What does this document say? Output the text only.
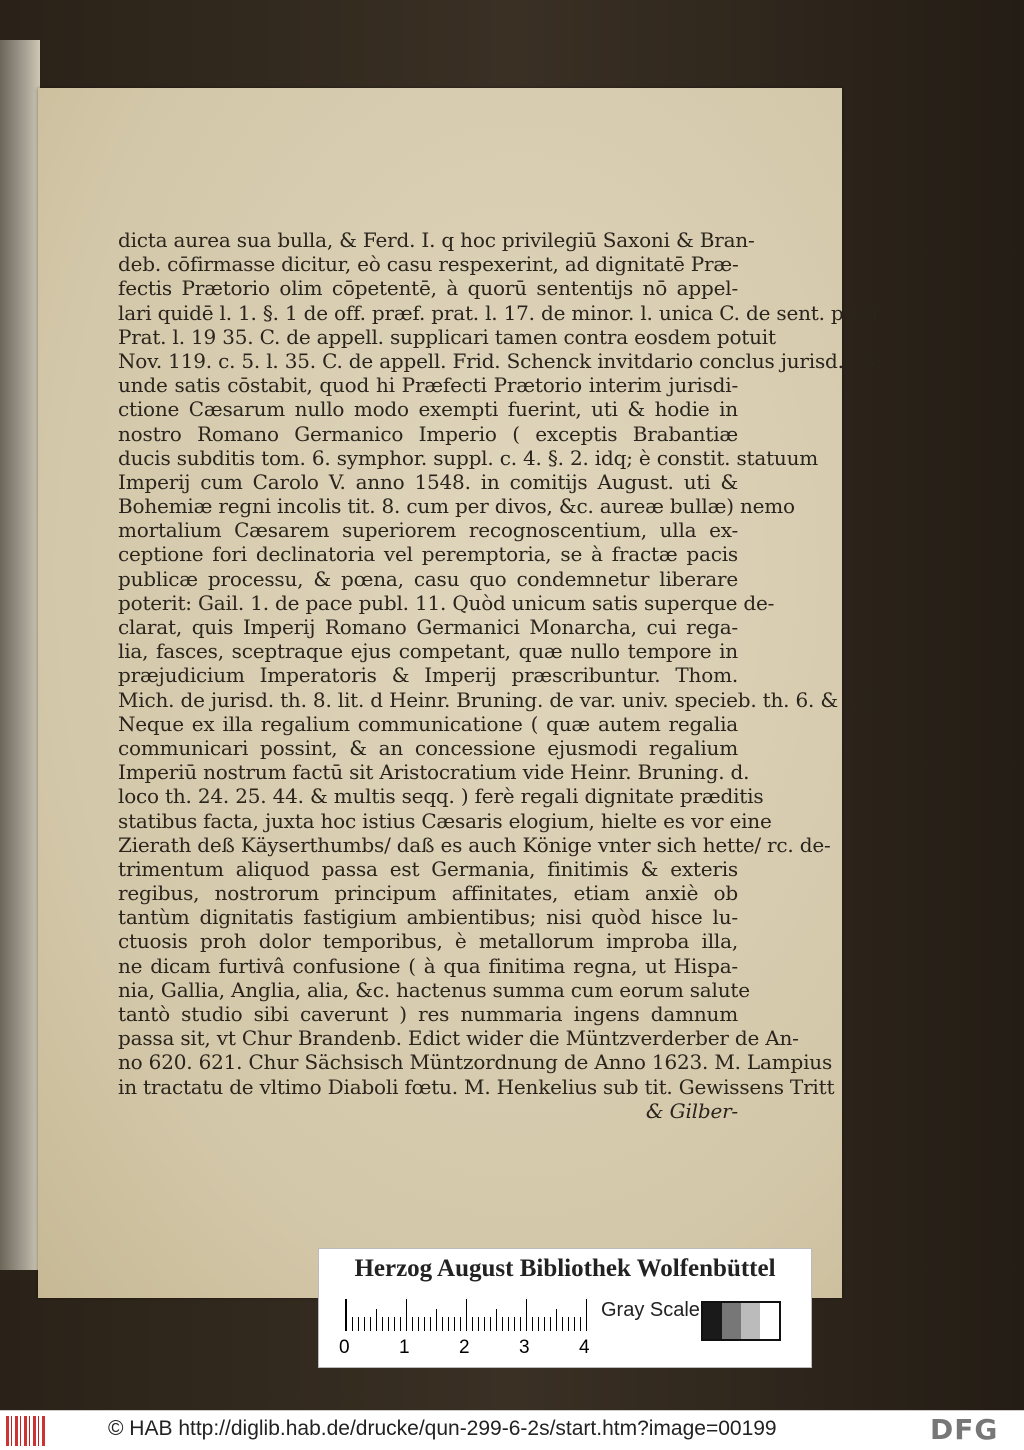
dicta aurea sua bulla, & Ferd. I. q hoc privilegiū Saxoni & Bran-
deb. cōfirmasse dicitur, eò casu respexerint, ad dignitatē Præ-
fectis Prætorio olim cōpetentē, à quorū sententijs nō appel-
lari quidē l. 1. §. 1 de off. præf. prat. l. 17. de minor. l. unica C. de sent. præf.
Prat. l. 19 35. C. de appell. supplicari tamen contra eosdem potuit
Nov. 119. c. 5. l. 35. C. de appell. Frid. Schenck invitdario conclus jurisd. 15.
unde satis cōstabit, quod hi Præfecti Prætorio interim jurisdi-
ctione Cæsarum nullo modo exempti fuerint, uti & hodie in
nostro Romano Germanico Imperio ( exceptis Brabantiæ
ducis subditis tom. 6. symphor. suppl. c. 4. §. 2. idq; è constit. statuum
Imperij cum Carolo V. anno 1548. in comitijs August. uti &
Bohemiæ regni incolis tit. 8. cum per divos, &c. aureæ bullæ) nemo
mortalium Cæsarem superiorem recognoscentium, ulla ex-
ceptione fori declinatoria vel peremptoria, se à fractæ pacis
publicæ processu, & pœna, casu quo condemnetur liberare
poterit: Gail. 1. de pace publ. 11. Quòd unicum satis superque de-
clarat, quis Imperij Romano Germanici Monarcha, cui rega-
lia, fasces, sceptraque ejus competant, quæ nullo tempore in
præjudicium Imperatoris & Imperij præscribuntur. Thom.
Mich. de jurisd. th. 8. lit. d Heinr. Bruning. de var. univ. specieb. th. 6. & 25.
Neque ex illa regalium communicatione ( quæ autem regalia
communicari possint, & an concessione ejusmodi regalium
Imperiū nostrum factū sit Aristocratium vide Heinr. Bruning. d.
loco th. 24. 25. 44. & multis seqq. ) ferè regali dignitate præditis
statibus facta, juxta hoc istius Cæsaris elogium, hielte es vor eine
Zierath deß Käyserthumbs/ daß es auch Könige vnter sich hette/ rc. de-
trimentum aliquod passa est Germania, finitimis & exteris
regibus, nostrorum principum affinitates, etiam anxiè ob
tantùm dignitatis fastigium ambientibus; nisi quòd hisce lu-
ctuosis proh dolor temporibus, è metallorum improba illa,
ne dicam furtivâ confusione ( à qua finitima regna, ut Hispa-
nia, Gallia, Anglia, alia, &c. hactenus summa cum eorum salute
tantò studio sibi caverunt ) res nummaria ingens damnum
passa sit, vt Chur Brandenb. Edict wider die Müntzverderber de An-
no 620. 621. Chur Sächsisch Müntzordnung de Anno 1623. M. Lampius
in tractatu de vltimo Diaboli fœtu. M. Henkelius sub tit. Gewissens Tritt
& Gilber-
Herzog August Bibliothek Wolfenbüttel
0	1	2	3	4
Gray Scale
© HAB http://diglib.hab.de/drucke/qun-299-6-2s/start.htm?image=00199	DFG
